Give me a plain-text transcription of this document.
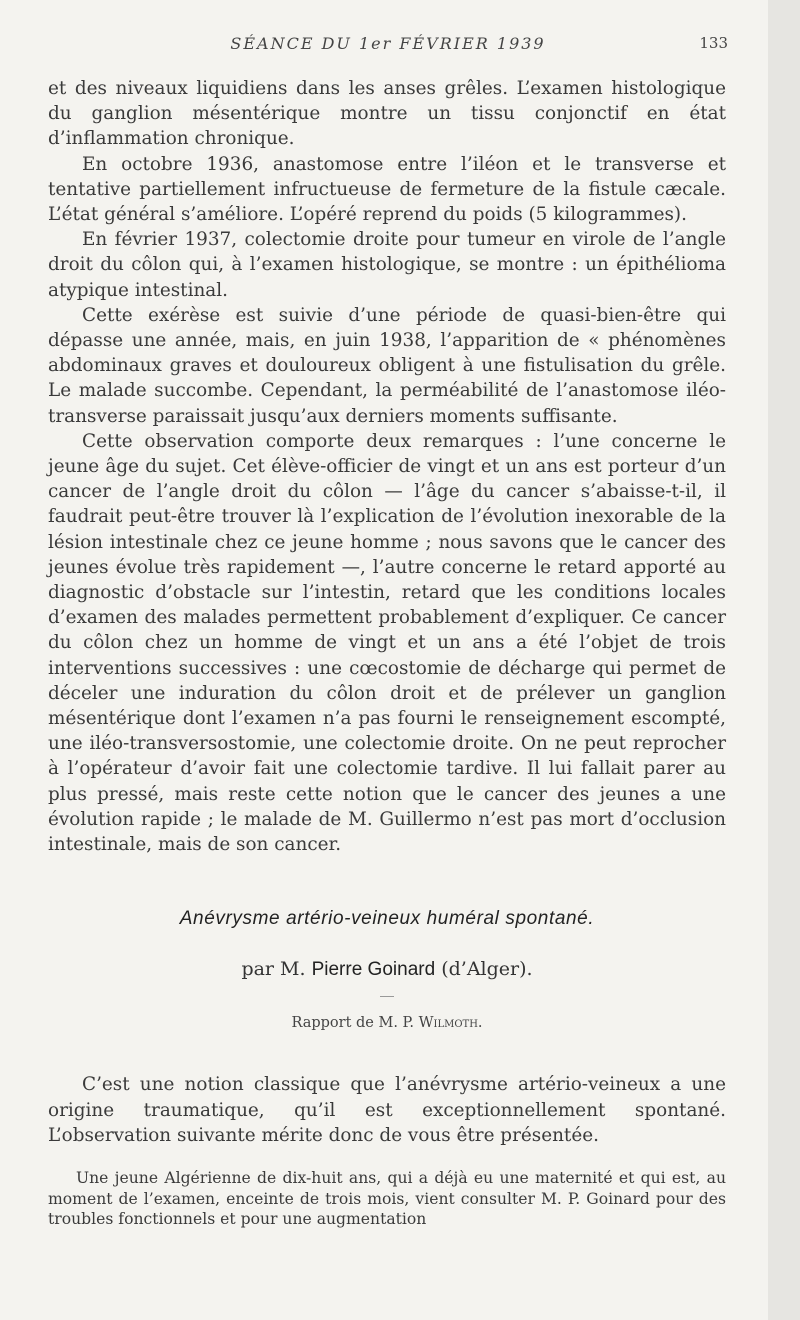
SÉANCE DU 1er FÉVRIER 1939	133

et des niveaux liquidiens dans les anses grêles. L’examen histologique du ganglion mésentérique montre un tissu conjonctif en état d’inflammation chronique.

En octobre 1936, anastomose entre l’iléon et le transverse et tentative partiellement infructueuse de fermeture de la fistule cæcale. L’état général s’améliore. L’opéré reprend du poids (5 kilogrammes).

En février 1937, colectomie droite pour tumeur en virole de l’angle droit du côlon qui, à l’examen histologique, se montre : un épithélioma atypique intestinal.

Cette exérèse est suivie d’une période de quasi-bien-être qui dépasse une année, mais, en juin 1938, l’apparition de « phénomènes abdominaux graves et douloureux obligent à une fistulisation du grêle. Le malade succombe. Cependant, la perméabilité de l’anastomose iléo-transverse paraissait jusqu’aux derniers moments suffisante.

Cette observation comporte deux remarques : l’une concerne le jeune âge du sujet. Cet élève-officier de vingt et un ans est porteur d’un cancer de l’angle droit du côlon — l’âge du cancer s’abaisse-t-il, il faudrait peut-être trouver là l’explication de l’évolution inexorable de la lésion intestinale chez ce jeune homme ; nous savons que le cancer des jeunes évolue très rapidement —, l’autre concerne le retard apporté au diagnostic d’obstacle sur l’intestin, retard que les conditions locales d’examen des malades permettent probablement d’expliquer. Ce cancer du côlon chez un homme de vingt et un ans a été l’objet de trois interventions successives : une cœcostomie de décharge qui permet de déceler une induration du côlon droit et de prélever un ganglion mésentérique dont l’examen n’a pas fourni le renseignement escompté, une iléo-transversostomie, une colectomie droite. On ne peut reprocher à l’opérateur d’avoir fait une colectomie tardive. Il lui fallait parer au plus pressé, mais reste cette notion que le cancer des jeunes a une évolution rapide ; le malade de M. Guillermo n’est pas mort d’occlusion intestinale, mais de son cancer.

Anévrysme artério-veineux huméral spontané.
par M. Pierre Goinard (d’Alger).
Rapport de M. P. Wilmoth.

C’est une notion classique que l’anévrysme artério-veineux a une origine traumatique, qu’il est exceptionnellement spontané. L’observation suivante mérite donc de vous être présentée.

Une jeune Algérienne de dix-huit ans, qui a déjà eu une maternité et qui est, au moment de l’examen, enceinte de trois mois, vient consulter M. P. Goinard pour des troubles fonctionnels et pour une augmentation
